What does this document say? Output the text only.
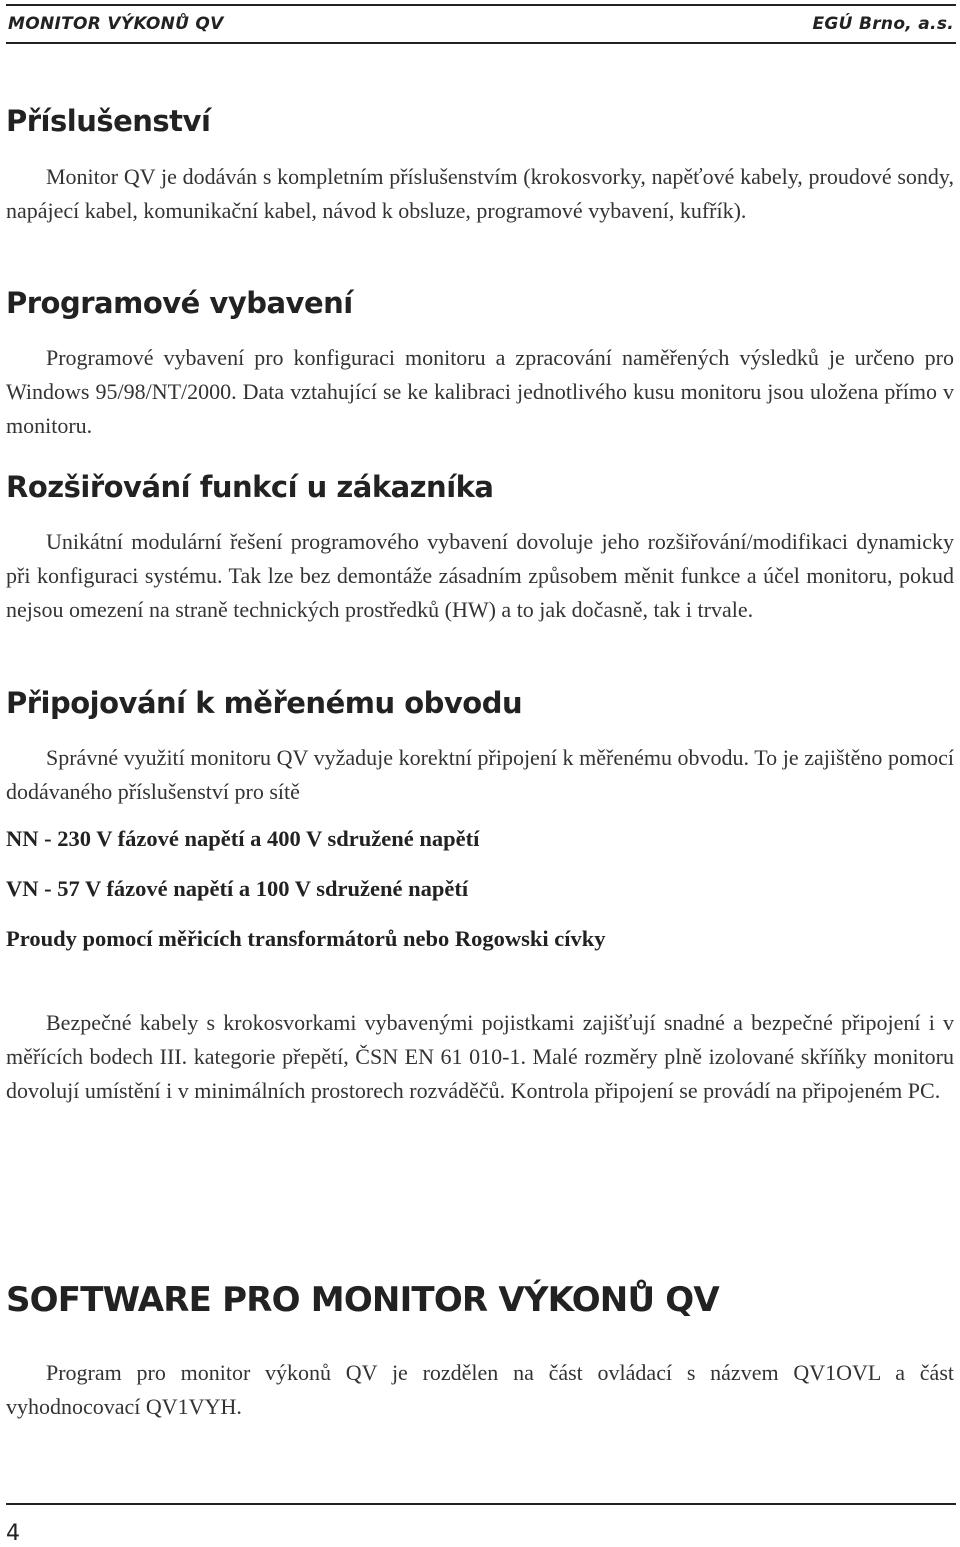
MONITOR VÝKONŮ QV	EGÚ Brno, a.s.
Příslušenství

Monitor QV je dodáván s kompletním příslušenstvím (krokosvorky, napěťové kabely, proudové sondy, napájecí kabel, komunikační kabel, návod k obsluze, programové vybavení, kufřík).

Programové vybavení

Programové vybavení pro konfiguraci monitoru a zpracování naměřených výsledků je určeno pro Windows 95/98/NT/2000. Data vztahující se ke kalibraci jednotlivého kusu monitoru jsou uložena přímo v monitoru.

Rozšiřování funkcí u zákazníka

Unikátní modulární řešení programového vybavení dovoluje jeho rozšiřování/modifikaci dynamicky při konfiguraci systému. Tak lze bez demontáže zásadním způsobem měnit funkce a účel monitoru, pokud nejsou omezení na straně technických prostředků (HW) a to jak dočasně, tak i trvale.

Připojování k měřenému obvodu

Správné využití monitoru QV vyžaduje korektní připojení k měřenému obvodu. To je zajištěno pomocí dodávaného příslušenství pro sítě

NN - 230 V fázové napětí a 400 V sdružené napětí
VN - 57 V fázové napětí a 100 V sdružené napětí
Proudy pomocí měřicích transformátorů nebo Rogowski cívky

Bezpečné kabely s krokosvorkami vybavenými pojistkami zajišťují snadné a bezpečné připojení i v měřících bodech III. kategorie přepětí, ČSN EN 61 010-1. Malé rozměry plně izolované skříňky monitoru dovolují umístění i v minimálních prostorech rozváděčů. Kontrola připojení se provádí na připojeném PC.

SOFTWARE PRO MONITOR VÝKONŮ QV

Program pro monitor výkonů QV je rozdělen na část ovládací s názvem QV1OVL a část vyhodnocovací QV1VYH.

4
